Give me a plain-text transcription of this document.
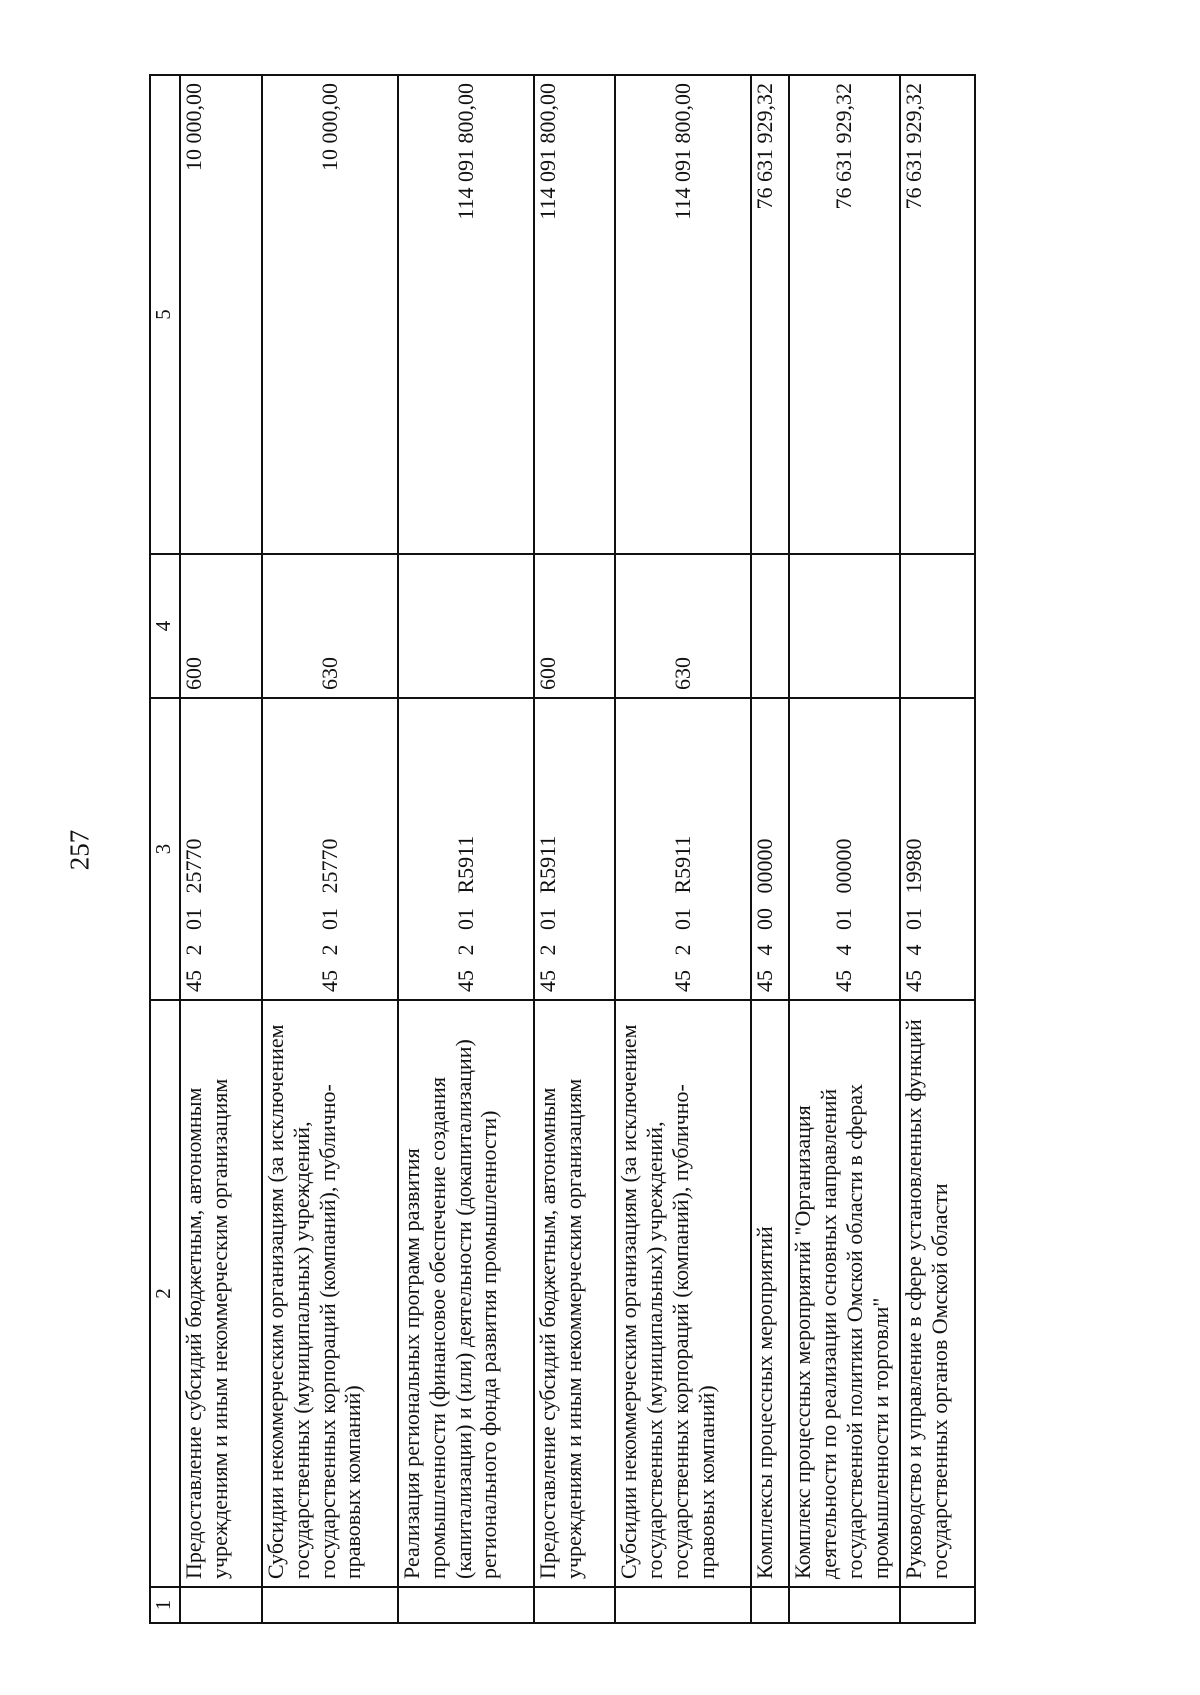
257
1	2	3	4	5
	Предоставление субсидий бюджетным, автономным учреждениям и иным некоммерческим организациям	45 2 01 25770	600	10 000,00
	Субсидии некоммерческим организациям (за исключением государственных (муниципальных) учреждений, государственных корпораций (компаний), публично-правовых компаний)	45 2 01 25770	630	10 000,00
	Реализация региональных программ развития промышленности (финансовое обеспечение создания (капитализации) и (или) деятельности (докапитализации) регионального фонда развития промышленности)	45 2 01 R5911		114 091 800,00
	Предоставление субсидий бюджетным, автономным учреждениям и иным некоммерческим организациям	45 2 01 R5911	600	114 091 800,00
	Субсидии некоммерческим организациям (за исключением государственных (муниципальных) учреждений, государственных корпораций (компаний), публично-правовых компаний)	45 2 01 R5911	630	114 091 800,00
	Комплексы процессных мероприятий	45 4 00 00000		76 631 929,32
	Комплекс процессных мероприятий "Организация деятельности по реализации основных направлений государственной политики Омской области в сферах промышленности и торговли"	45 4 01 00000		76 631 929,32
	Руководство и управление в сфере установленных функций государственных органов Омской области	45 4 01 19980		76 631 929,32
